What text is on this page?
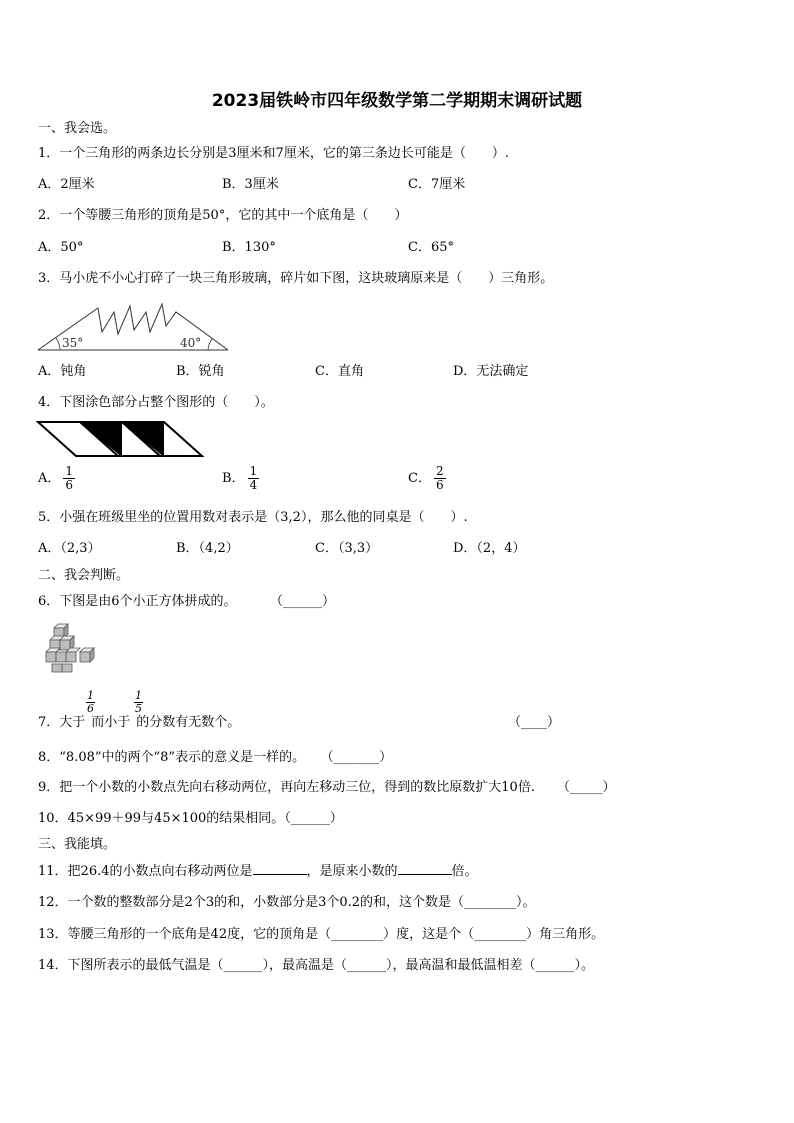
2023届铁岭市四年级数学第二学期期末调研试题
一、我会选。
1．一个三角形的两条边长分别是3厘米和7厘米，它的第三条边长可能是（　　）.
A．2厘米	B．3厘米	C．7厘米
2．一个等腰三角形的顶角是50°，它的其中一个底角是（　　）
A．50°	B．130°	C．65°
3．马小虎不小心打碎了一块三角形玻璃，碎片如下图，这块玻璃原来是（　　）三角形。
35°	40°
A．钝角	B．锐角	C．直角	D．无法确定
4．下图涂色部分占整个图形的（　　）。
A． $\frac{1}{6}$	B． $\frac{1}{4}$	C． $\frac{2}{6}$
5．小强在班级里坐的位置用数对表示是（3,2），那么他的同桌是（　　）.
A．（2,3）	B．（4,2）	C．（3,3）	D．（2，4）
二、我会判断。
6．下图是由6个小正方体拼成的。	（______）
$\frac{1}{6}$	$\frac{1}{5}$
7．大于 而小于 的分数有无数个。	（____）
8．“8.08”中的两个“8”表示的意义是一样的。 （_______）
9．把一个小数的小数点先向右移动两位，再向左移动三位，得到的数比原数扩大10倍. （_____）
10．45×99＋99与45×100的结果相同。（______）
三、我能填。
11．把26.4的小数点向右移动两位是	，是原来小数的	倍。
12．一个数的整数部分是2个3的和，小数部分是3个0.2的和，这个数是（________）。
13．等腰三角形的一个底角是42度，它的顶角是（________）度，这是个（________）角三角形。
14．下图所表示的最低气温是（______），最高温是（______），最高温和最低温相差（______）。
